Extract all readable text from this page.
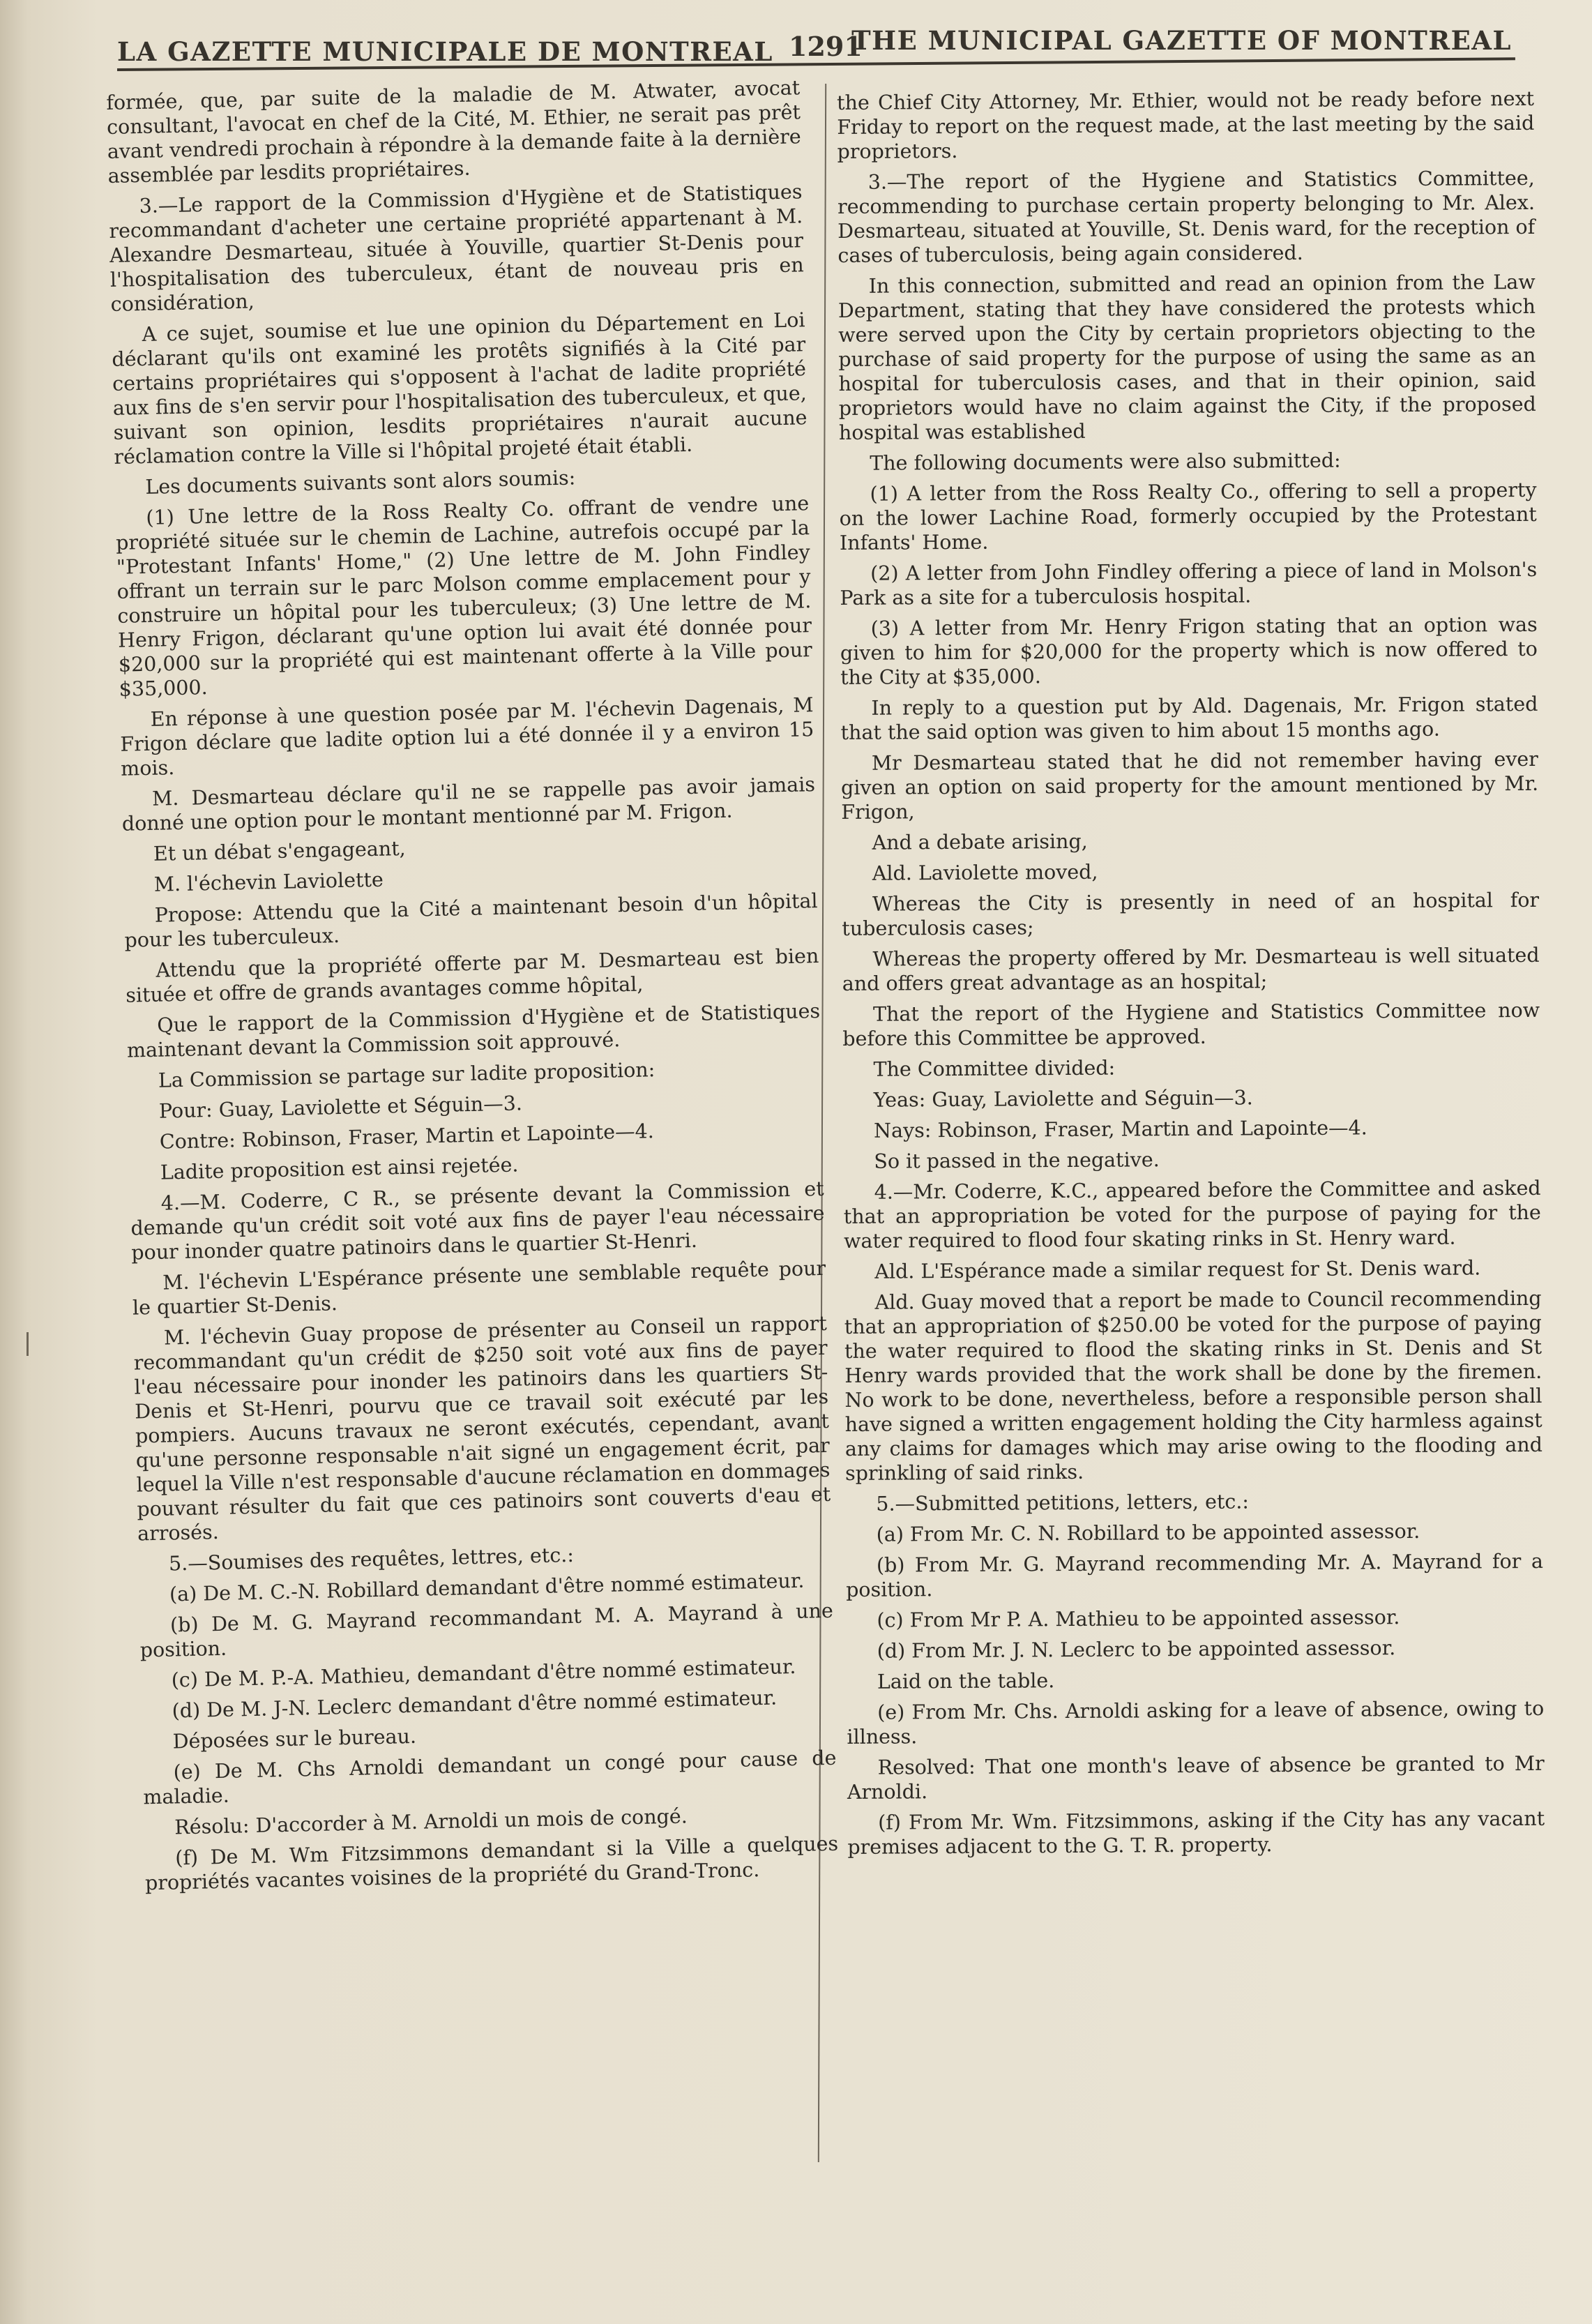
LA GAZETTE MUNICIPALE DE MONTREAL 1291
THE MUNICIPAL GAZETTE OF MONTREAL

formée, que, par suite de la maladie de M. Atwater, avocat consultant, l'avocat en chef de la Cité, M. Ethier, ne serait pas prêt avant vendredi prochain à répondre à la demande faite à la dernière assemblée par lesdits propriétaires.

3.—Le rapport de la Commission d'Hygiène et de Statistiques recommandant d'acheter une certaine propriété appartenant à M. Alexandre Desmarteau, située à Youville, quartier St-Denis pour l'hospitalisation des tuberculeux, étant de nouveau pris en considération,

A ce sujet, soumise et lue une opinion du Département en Loi déclarant qu'ils ont examiné les protêts signifiés à la Cité par certains propriétaires qui s'opposent à l'achat de ladite propriété aux fins de s'en servir pour l'hospitalisation des tuberculeux, et que, suivant son opinion, lesdits propriétaires n'aurait aucune réclamation contre la Ville si l'hôpital projeté était établi.

Les documents suivants sont alors soumis:

(1) Une lettre de la Ross Realty Co. offrant de vendre une propriété située sur le chemin de Lachine, autrefois occupé par la "Protestant Infants' Home," (2) Une lettre de M. John Findley offrant un terrain sur le parc Molson comme emplacement pour y construire un hôpital pour les tuberculeux; (3) Une lettre de M. Henry Frigon, déclarant qu'une option lui avait été donnée pour $20,000 sur la propriété qui est maintenant offerte à la Ville pour $35,000.

En réponse à une question posée par M. l'échevin Dagenais, M Frigon déclare que ladite option lui a été donnée il y a environ 15 mois.

M. Desmarteau déclare qu'il ne se rappelle pas avoir jamais donné une option pour le montant mentionné par M. Frigon.

Et un débat s'engageant,

M. l'échevin Laviolette

Propose: Attendu que la Cité a maintenant besoin d'un hôpital pour les tuberculeux.

Attendu que la propriété offerte par M. Desmarteau est bien située et offre de grands avantages comme hôpital,

Que le rapport de la Commission d'Hygiène et de Statistiques maintenant devant la Commission soit approuvé.

La Commission se partage sur ladite proposition:

Pour: Guay, Laviolette et Séguin—3.

Contre: Robinson, Fraser, Martin et Lapointe—4.

Ladite proposition est ainsi rejetée.

4.—M. Coderre, C R., se présente devant la Commission et demande qu'un crédit soit voté aux fins de payer l'eau nécessaire pour inonder quatre patinoirs dans le quartier St-Henri.

M. l'échevin L'Espérance présente une semblable requête pour le quartier St-Denis.

M. l'échevin Guay propose de présenter au Conseil un rapport recommandant qu'un crédit de $250 soit voté aux fins de payer l'eau nécessaire pour inonder les patinoirs dans les quartiers St-Denis et St-Henri, pourvu que ce travail soit exécuté par les pompiers. Aucuns travaux ne seront exécutés, cependant, avant qu'une personne responsable n'ait signé un engagement écrit, par lequel la Ville n'est responsable d'aucune réclamation en dommages pouvant résulter du fait que ces patinoirs sont couverts d'eau et arrosés.

5.—Soumises des requêtes, lettres, etc.:

(a) De M. C.-N. Robillard demandant d'être nommé estimateur.

(b) De M. G. Mayrand recommandant M. A. Mayrand à une position.

(c) De M. P.-A. Mathieu, demandant d'être nommé estimateur.

(d) De M. J-N. Leclerc demandant d'être nommé estimateur.

Déposées sur le bureau.

(e) De M. Chs Arnoldi demandant un congé pour cause de maladie.

Résolu: D'accorder à M. Arnoldi un mois de congé.

(f) De M. Wm Fitzsimmons demandant si la Ville a quelques propriétés vacantes voisines de la propriété du Grand-Tronc.

the Chief City Attorney, Mr. Ethier, would not be ready before next Friday to report on the request made, at the last meeting by the said proprietors.

3.—The report of the Hygiene and Statistics Committee, recommending to purchase certain property belonging to Mr. Alex. Desmarteau, situated at Youville, St. Denis ward, for the reception of cases of tuberculosis, being again considered.

In this connection, submitted and read an opinion from the Law Department, stating that they have considered the protests which were served upon the City by certain proprietors objecting to the purchase of said property for the purpose of using the same as an hospital for tuberculosis cases, and that in their opinion, said proprietors would have no claim against the City, if the proposed hospital was established

The following documents were also submitted:

(1) A letter from the Ross Realty Co., offering to sell a property on the lower Lachine Road, formerly occupied by the Protestant Infants' Home.

(2) A letter from John Findley offering a piece of land in Molson's Park as a site for a tuberculosis hospital.

(3) A letter from Mr. Henry Frigon stating that an option was given to him for $20,000 for the property which is now offered to the City at $35,000.

In reply to a question put by Ald. Dagenais, Mr. Frigon stated that the said option was given to him about 15 months ago.

Mr Desmarteau stated that he did not remember having ever given an option on said property for the amount mentioned by Mr. Frigon,

And a debate arising,

Ald. Laviolette moved,

Whereas the City is presently in need of an hospital for tuberculosis cases;

Whereas the property offered by Mr. Desmarteau is well situated and offers great advantage as an hospital;

That the report of the Hygiene and Statistics Committee now before this Committee be approved.

The Committee divided:

Yeas: Guay, Laviolette and Séguin—3.

Nays: Robinson, Fraser, Martin and Lapointe—4.

So it passed in the negative.

4.—Mr. Coderre, K.C., appeared before the Committee and asked that an appropriation be voted for the purpose of paying for the water required to flood four skating rinks in St. Henry ward.

Ald. L'Espérance made a similar request for St. Denis ward.

Ald. Guay moved that a report be made to Council recommending that an appropriation of $250.00 be voted for the purpose of paying the water required to flood the skating rinks in St. Denis and St Henry wards provided that the work shall be done by the firemen. No work to be done, nevertheless, before a responsible person shall have signed a written engagement holding the City harmless against any claims for damages which may arise owing to the flooding and sprinkling of said rinks.

5.—Submitted petitions, letters, etc.:

(a) From Mr. C. N. Robillard to be appointed assessor.

(b) From Mr. G. Mayrand recommending Mr. A. Mayrand for a position.

(c) From Mr P. A. Mathieu to be appointed assessor.

(d) From Mr. J. N. Leclerc to be appointed assessor.

Laid on the table.

(e) From Mr. Chs. Arnoldi asking for a leave of absence, owing to illness.

Resolved: That one month's leave of absence be granted to Mr Arnoldi.

(f) From Mr. Wm. Fitzsimmons, asking if the City has any vacant premises adjacent to the G. T. R. property.
